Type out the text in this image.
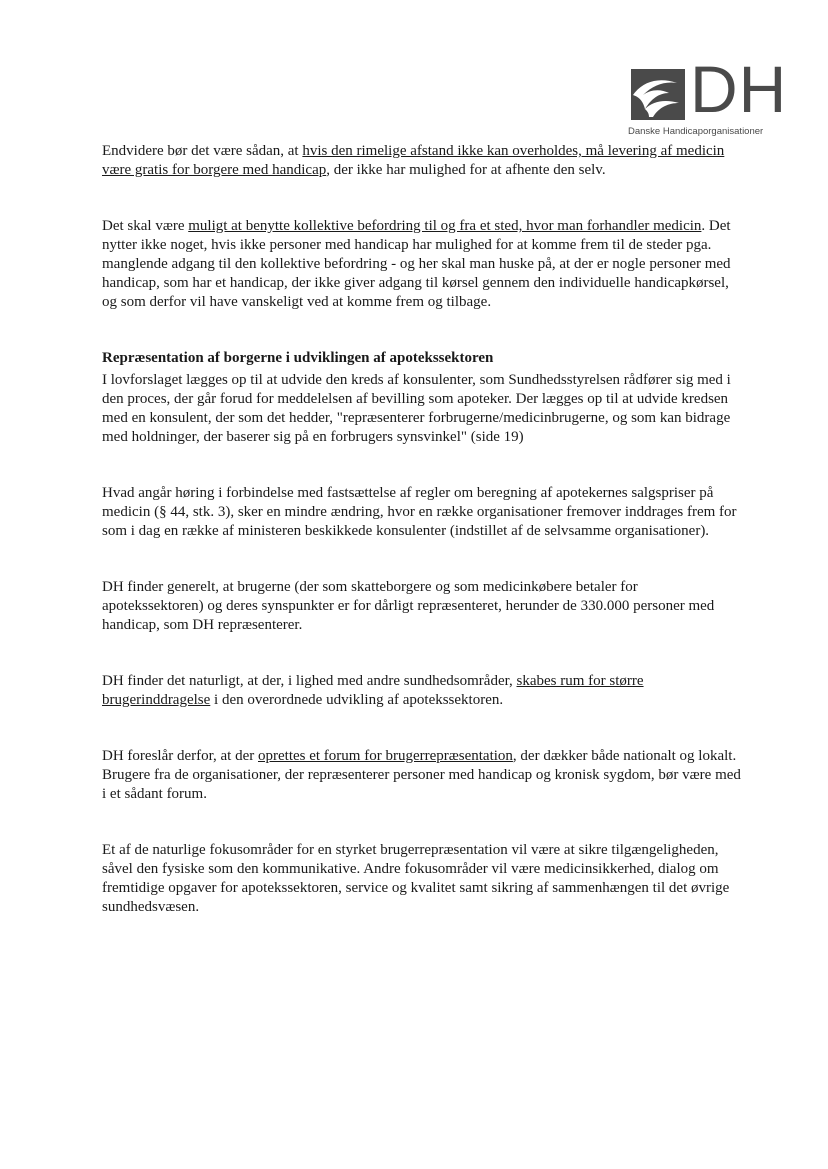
DH
Danske Handicaporganisationer

Endvidere bør det være sådan, at hvis den rimelige afstand ikke kan overholdes, må levering af medicin være gratis for borgere med handicap, der ikke har mulighed for at afhente den selv.

Det skal være muligt at benytte kollektive befordring til og fra et sted, hvor man forhandler medicin. Det nytter ikke noget, hvis ikke personer med handicap har mulighed for at komme frem til de steder pga. manglende adgang til den kollektive befordring - og her skal man huske på, at der er nogle personer med handicap, som har et handicap, der ikke giver adgang til kørsel gennem den individuelle handicapkørsel, og som derfor vil have vanskeligt ved at komme frem og tilbage.

Repræsentation af borgerne i udviklingen af apotekssektoren

I lovforslaget lægges op til at udvide den kreds af konsulenter, som Sundhedsstyrelsen rådfører sig med i den proces, der går forud for meddelelsen af bevilling som apoteker. Der lægges op til at udvide kredsen med en konsulent, der som det hedder, "repræsenterer forbrugerne/medicinbrugerne, og som kan bidrage med holdninger, der baserer sig på en forbrugers synsvinkel" (side 19)

Hvad angår høring i forbindelse med fastsættelse af regler om beregning af apotekernes salgspriser på medicin (§ 44, stk. 3), sker en mindre ændring, hvor en række organisationer fremover inddrages frem for som i dag en række af ministeren beskikkede konsulenter (indstillet af de selvsamme organisationer).

DH finder generelt, at brugerne (der som skatteborgere og som medicinkøbere betaler for apotekssektoren) og deres synspunkter er for dårligt repræsenteret, herunder de 330.000 personer med handicap, som DH repræsenterer.

DH finder det naturligt, at der, i lighed med andre sundhedsområder, skabes rum for større brugerinddragelse i den overordnede udvikling af apotekssektoren.

DH foreslår derfor, at der oprettes et forum for brugerrepræsentation, der dækker både nationalt og lokalt. Brugere fra de organisationer, der repræsenterer personer med handicap og kronisk sygdom, bør være med i et sådant forum.

Et af de naturlige fokusområder for en styrket brugerrepræsentation vil være at sikre tilgængeligheden, såvel den fysiske som den kommunikative. Andre fokusområder vil være medicinsikkerhed, dialog om fremtidige opgaver for apotekssektoren, service og kvalitet samt sikring af sammenhængen til det øvrige sundhedsvæsen.
